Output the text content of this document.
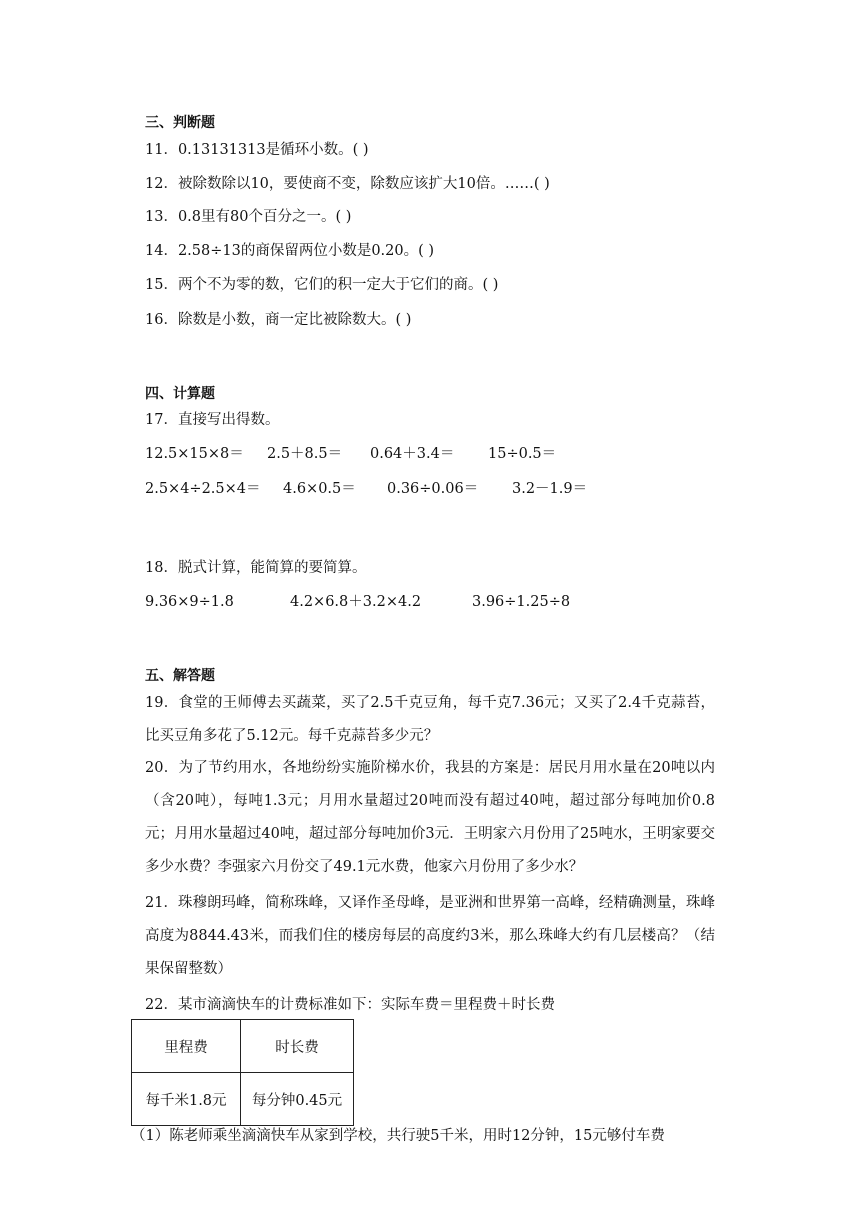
三、判断题
11．0.13131313是循环小数。( )
12．被除数除以10，要使商不变，除数应该扩大10倍。……( )
13．0.8里有80个百分之一。( )
14．2.58÷13的商保留两位小数是0.20。( )
15．两个不为零的数，它们的积一定大于它们的商。( )
16．除数是小数，商一定比被除数大。( )
四、计算题
17．直接写出得数。
12.5×15×8＝ 2.5＋8.5＝ 0.64＋3.4＝ 15÷0.5＝
2.5×4÷2.5×4＝ 4.6×0.5＝ 0.36÷0.06＝ 3.2－1.9＝
18．脱式计算，能简算的要简算。
9.36×9÷1.8	4.2×6.8＋3.2×4.2	3.96÷1.25÷8
五、解答题
19．食堂的王师傅去买蔬菜，买了2.5千克豆角，每千克7.36元；又买了2.4千克蒜苔，比买豆角多花了5.12元。每千克蒜苔多少元？
20．为了节约用水，各地纷纷实施阶梯水价，我县的方案是：居民月用水量在20吨以内（含20吨），每吨1.3元；月用水量超过20吨而没有超过40吨，超过部分每吨加价0.8元；月用水量超过40吨，超过部分每吨加价3元．王明家六月份用了25吨水，王明家要交多少水费？李强家六月份交了49.1元水费，他家六月份用了多少水？
21．珠穆朗玛峰，简称珠峰，又译作圣母峰，是亚洲和世界第一高峰，经精确测量，珠峰高度为8844.43米，而我们住的楼房每层的高度约3米，那么珠峰大约有几层楼高？（结果保留整数）
22．某市滴滴快车的计费标准如下：实际车费＝里程费＋时长费
里程费	时长费
每千米1.8元	每分钟0.45元
（1）陈老师乘坐滴滴快车从家到学校，共行驶5千米，用时12分钟，15元够付车费
